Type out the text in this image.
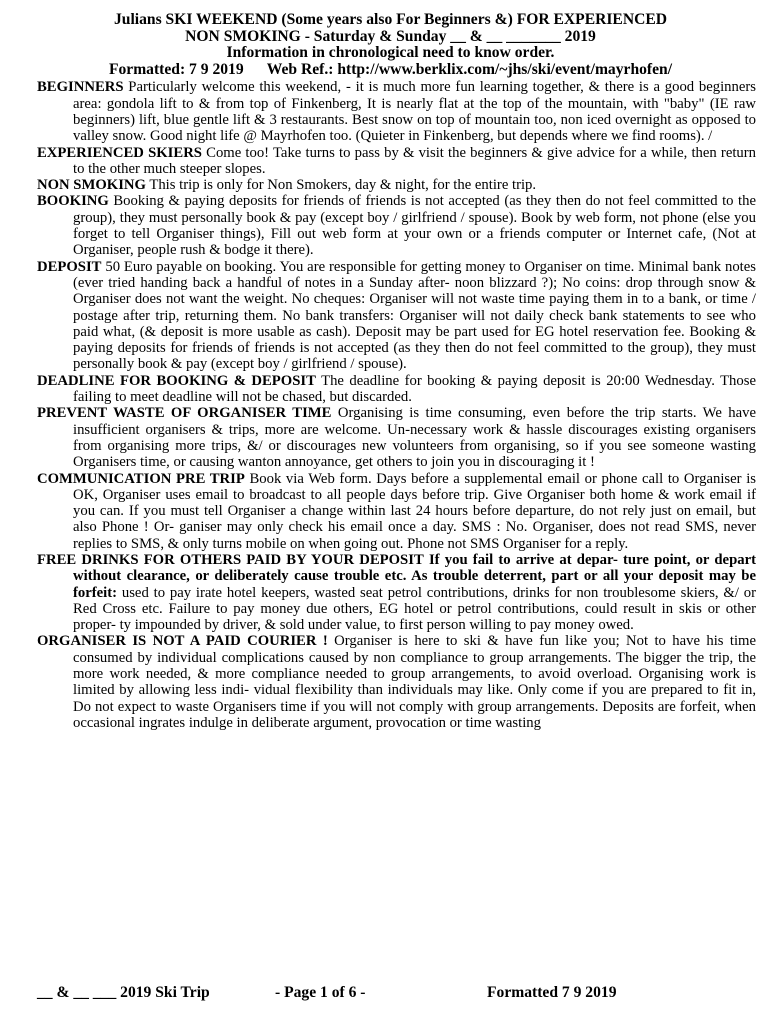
Julians SKI WEEKEND (Some years also For Beginners &) FOR EXPERIENCED
NON SMOKING - Saturday & Sunday __ & __ _______ 2019
Information in chronological need to know order.
Formatted: 7 9 2019      Web Ref.: http://www.berklix.com/~jhs/ski/event/mayrhofen/
BEGINNERS Particularly welcome this weekend, - it is much more fun learning together, & there is a good beginners area: gondola lift to & from top of Finkenberg, It is nearly flat at the top of the mountain, with "baby" (IE raw beginners) lift, blue gentle lift & 3 restaurants. Best snow on top of mountain too, non iced overnight as opposed to valley snow. Good night life @ Mayrhofen too. (Quieter in Finkenberg, but depends where we find rooms). /
EXPERIENCED SKIERS Come too! Take turns to pass by & visit the beginners & give advice for a while, then return to the other much steeper slopes.
NON SMOKING This trip is only for Non Smokers, day & night, for the entire trip.
BOOKING Booking & paying deposits for friends of friends is not accepted (as they then do not feel committed to the group), they must personally book & pay (except boy / girlfriend / spouse). Book by web form, not phone (else you forget to tell Organiser things), Fill out web form at your own or a friends computer or Internet cafe, (Not at Organiser, people rush & bodge it there).
DEPOSIT 50 Euro payable on booking. You are responsible for getting money to Organiser on time. Minimal bank notes (ever tried handing back a handful of notes in a Sunday after- noon blizzard ?); No coins: drop through snow & Organiser does not want the weight. No cheques: Organiser will not waste time paying them in to a bank, or time / postage after trip, returning them. No bank transfers: Organiser will not daily check bank statements to see who paid what, (& deposit is more usable as cash). Deposit may be part used for EG hotel reservation fee. Booking & paying deposits for friends of friends is not accepted (as they then do not feel committed to the group), they must personally book & pay (except boy / girlfriend / spouse).
DEADLINE FOR BOOKING & DEPOSIT The deadline for booking & paying deposit is 20:00 Wednesday. Those failing to meet deadline will not be chased, but discarded.
PREVENT WASTE OF ORGANISER TIME Organising is time consuming, even before the trip starts. We have insufficient organisers & trips, more are welcome. Un-necessary work & hassle discourages existing organisers from organising more trips, &/ or discourages new volunteers from organising, so if you see someone wasting Organisers time, or causing wanton annoyance, get others to join you in discouraging it !
COMMUNICATION PRE TRIP Book via Web form. Days before a supplemental email or phone call to Organiser is OK, Organiser uses email to broadcast to all people days before trip. Give Organiser both home & work email if you can. If you must tell Organiser a change within last 24 hours before departure, do not rely just on email, but also Phone ! Or- ganiser may only check his email once a day. SMS : No. Organiser, does not read SMS, never replies to SMS, & only turns mobile on when going out. Phone not SMS Organiser for a reply.
FREE DRINKS FOR OTHERS PAID BY YOUR DEPOSIT If you fail to arrive at depar- ture point, or depart without clearance, or deliberately cause trouble etc. As trouble deterrent, part or all your deposit may be forfeit: used to pay irate hotel keepers, wasted seat petrol contributions, drinks for non troublesome skiers, &/ or Red Cross etc. Failure to pay money due others, EG hotel or petrol contributions, could result in skis or other proper- ty impounded by driver, & sold under value, to first person willing to pay money owed.
ORGANISER IS NOT A PAID COURIER ! Organiser is here to ski & have fun like you; Not to have his time consumed by individual complications caused by non compliance to group arrangements. The bigger the trip, the more work needed, & more compliance needed to group arrangements, to avoid overload. Organising work is limited by allowing less indi- vidual flexibility than individuals may like. Only come if you are prepared to fit in, Do not expect to waste Organisers time if you will not comply with group arrangements. Deposits are forfeit, when occasional ingrates indulge in deliberate argument, provocation or time wasting
__ & __ ___ 2019 Ski Trip	- Page 1 of 6 -	Formatted 7 9 2019
